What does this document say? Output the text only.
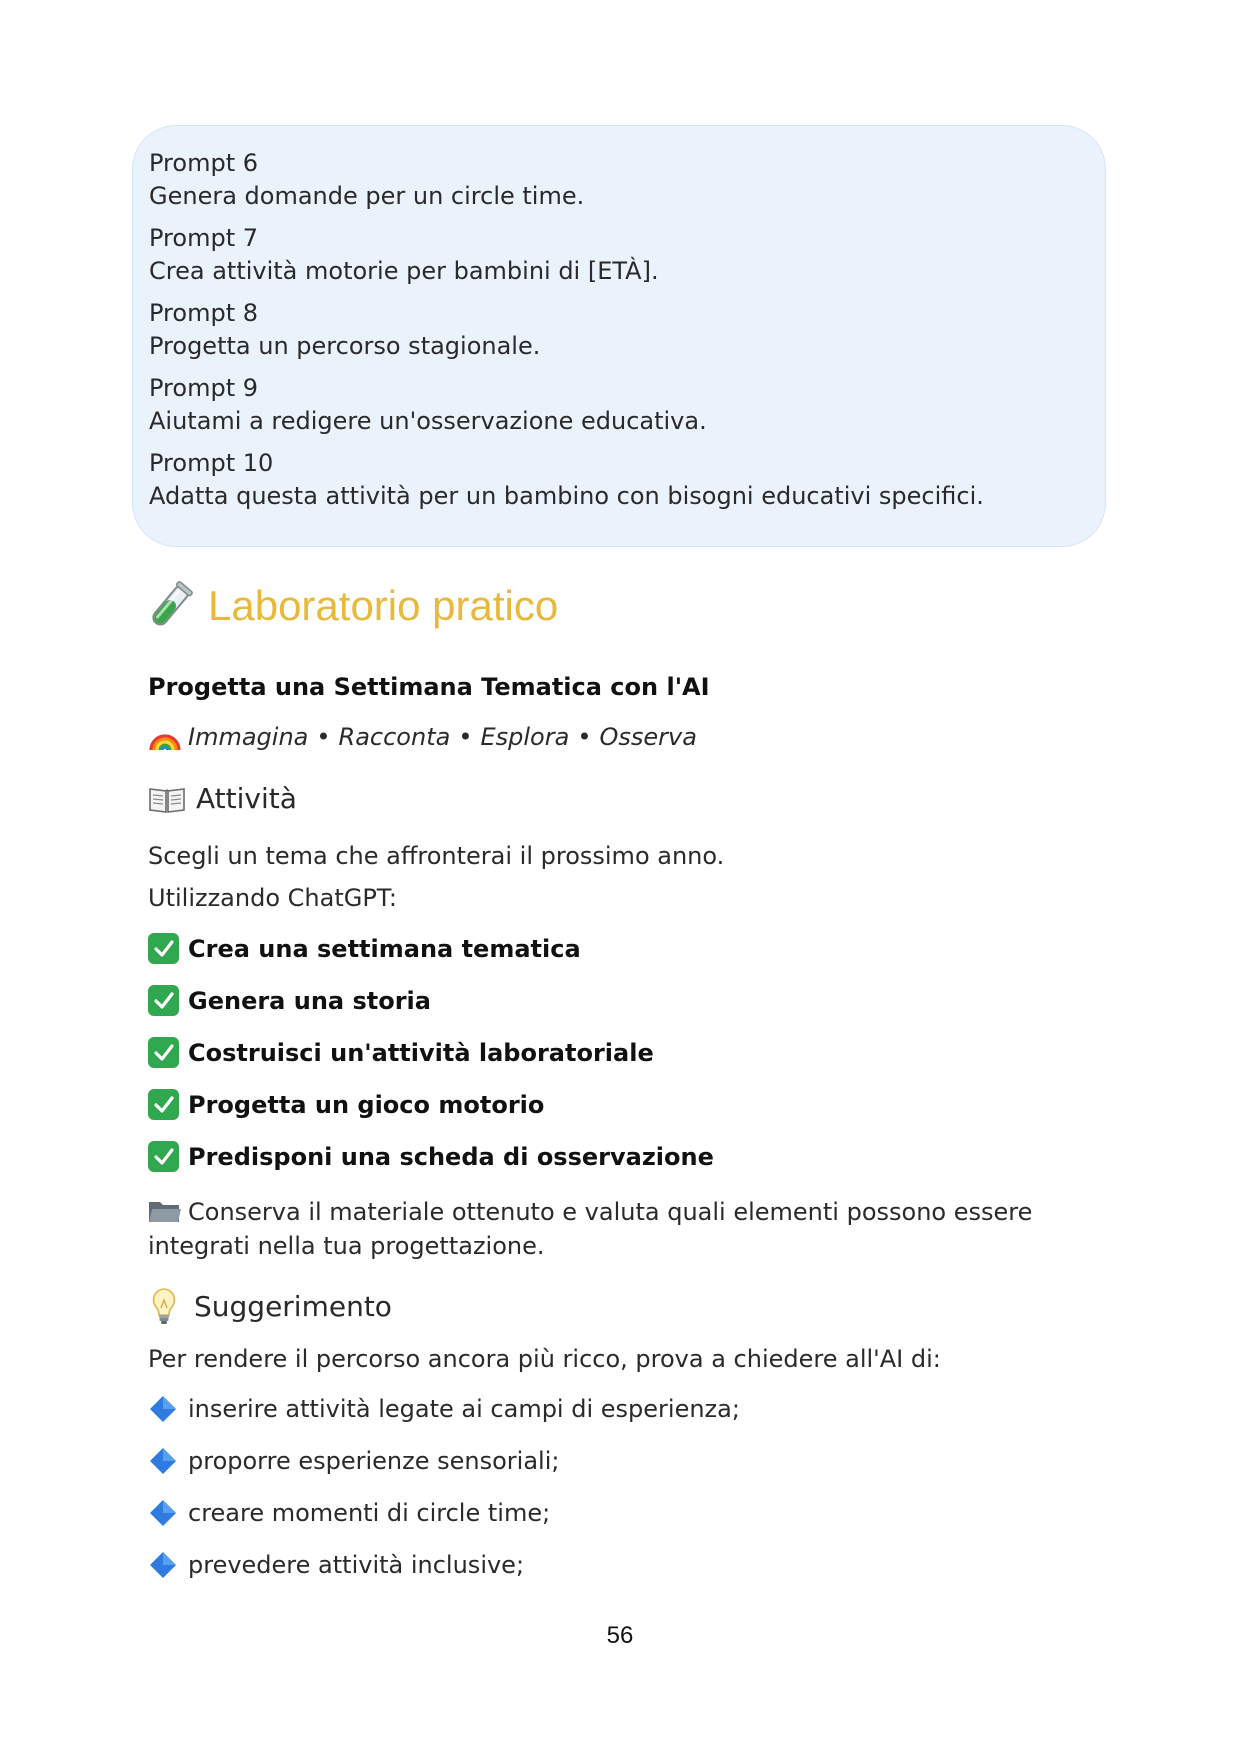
Prompt 6
Genera domande per un circle time.
Prompt 7
Crea attività motorie per bambini di [ETÀ].
Prompt 8
Progetta un percorso stagionale.
Prompt 9
Aiutami a redigere un'osservazione educativa.
Prompt 10
Adatta questa attività per un bambino con bisogni educativi specifici.
Laboratorio pratico
Progetta una Settimana Tematica con l'AI
Immagina • Racconta • Esplora • Osserva
Attività
Scegli un tema che affronterai il prossimo anno.
Utilizzando ChatGPT:
Crea una settimana tematica
Genera una storia
Costruisci un'attività laboratoriale
Progetta un gioco motorio
Predisponi una scheda di osservazione
Conserva il materiale ottenuto e valuta quali elementi possono essere integrati nella tua progettazione.
Suggerimento
Per rendere il percorso ancora più ricco, prova a chiedere all'AI di:
inserire attività legate ai campi di esperienza;
proporre esperienze sensoriali;
creare momenti di circle time;
prevedere attività inclusive;
56
